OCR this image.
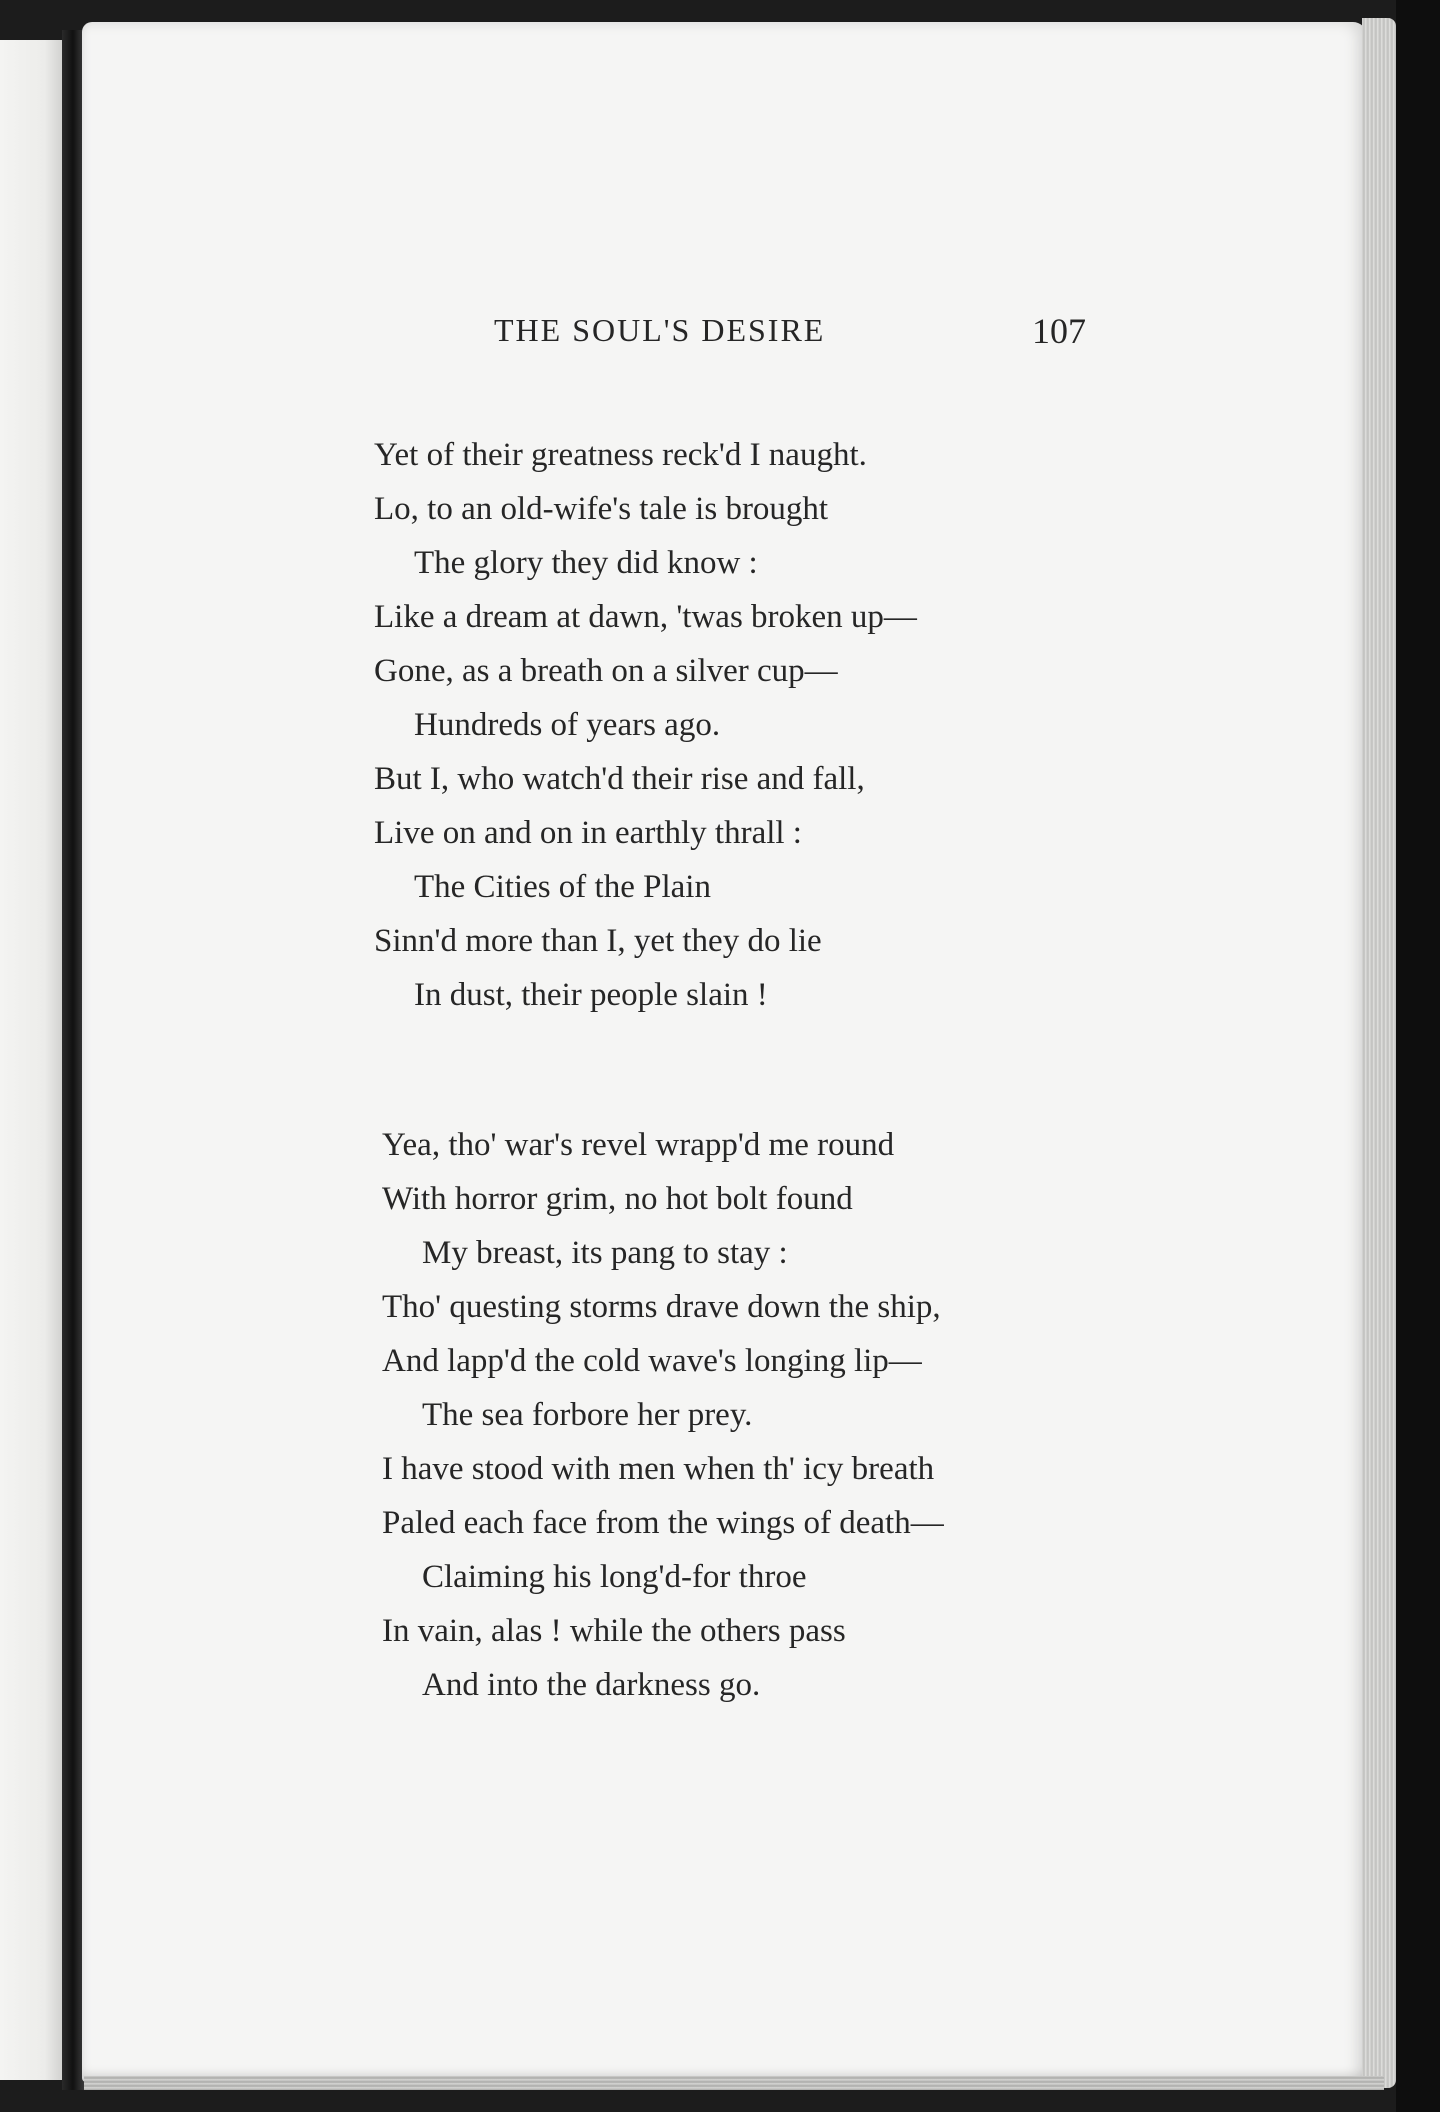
THE SOUL'S DESIRE	107
Yet of their greatness reck'd I naught.
Lo, to an old-wife's tale is brought
The glory they did know :
Like a dream at dawn, 'twas broken up—
Gone, as a breath on a silver cup—
Hundreds of years ago.
But I, who watch'd their rise and fall,
Live on and on in earthly thrall :
The Cities of the Plain
Sinn'd more than I, yet they do lie
In dust, their people slain !
Yea, tho' war's revel wrapp'd me round
With horror grim, no hot bolt found
My breast, its pang to stay :
Tho' questing storms drave down the ship,
And lapp'd the cold wave's longing lip—
The sea forbore her prey.
I have stood with men when th' icy breath
Paled each face from the wings of death—
Claiming his long'd-for throe
In vain, alas ! while the others pass
And into the darkness go.
